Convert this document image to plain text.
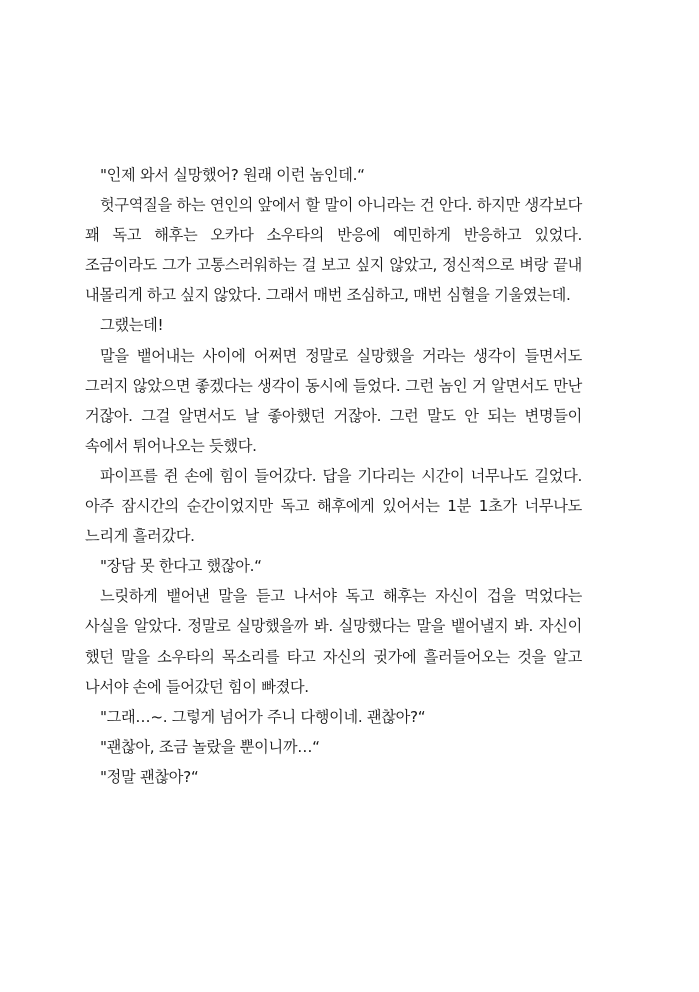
"인제 와서 실망했어? 원래 이런 놈인데.“

헛구역질을 하는 연인의 앞에서 할 말이 아니라는 건 안다. 하지만 생각보다 꽤 독고 해후는 오카다 소우타의 반응에 예민하게 반응하고 있었다. 조금이라도 그가 고통스러워하는 걸 보고 싶지 않았고, 정신적으로 벼랑 끝내 내몰리게 하고 싶지 않았다. 그래서 매번 조심하고, 매번 심혈을 기울였는데.

그랬는데!

말을 뱉어내는 사이에 어쩌면 정말로 실망했을 거라는 생각이 들면서도 그러지 않았으면 좋겠다는 생각이 동시에 들었다. 그런 놈인 거 알면서도 만난 거잖아. 그걸 알면서도 날 좋아했던 거잖아. 그런 말도 안 되는 변명들이 속에서 튀어나오는 듯했다.

파이프를 쥔 손에 힘이 들어갔다. 답을 기다리는 시간이 너무나도 길었다. 아주 잠시간의 순간이었지만 독고 해후에게 있어서는 1분 1초가 너무나도 느리게 흘러갔다.

"장담 못 한다고 했잖아.“

느릿하게 뱉어낸 말을 듣고 나서야 독고 해후는 자신이 겁을 먹었다는 사실을 알았다. 정말로 실망했을까 봐. 실망했다는 말을 뱉어낼지 봐. 자신이 했던 말을 소우타의 목소리를 타고 자신의 귓가에 흘러들어오는 것을 알고 나서야 손에 들어갔던 힘이 빠졌다.

"그래…~. 그렇게 넘어가 주니 다행이네. 괜찮아?“

"괜찮아, 조금 놀랐을 뿐이니까…“

"정말 괜찮아?“
